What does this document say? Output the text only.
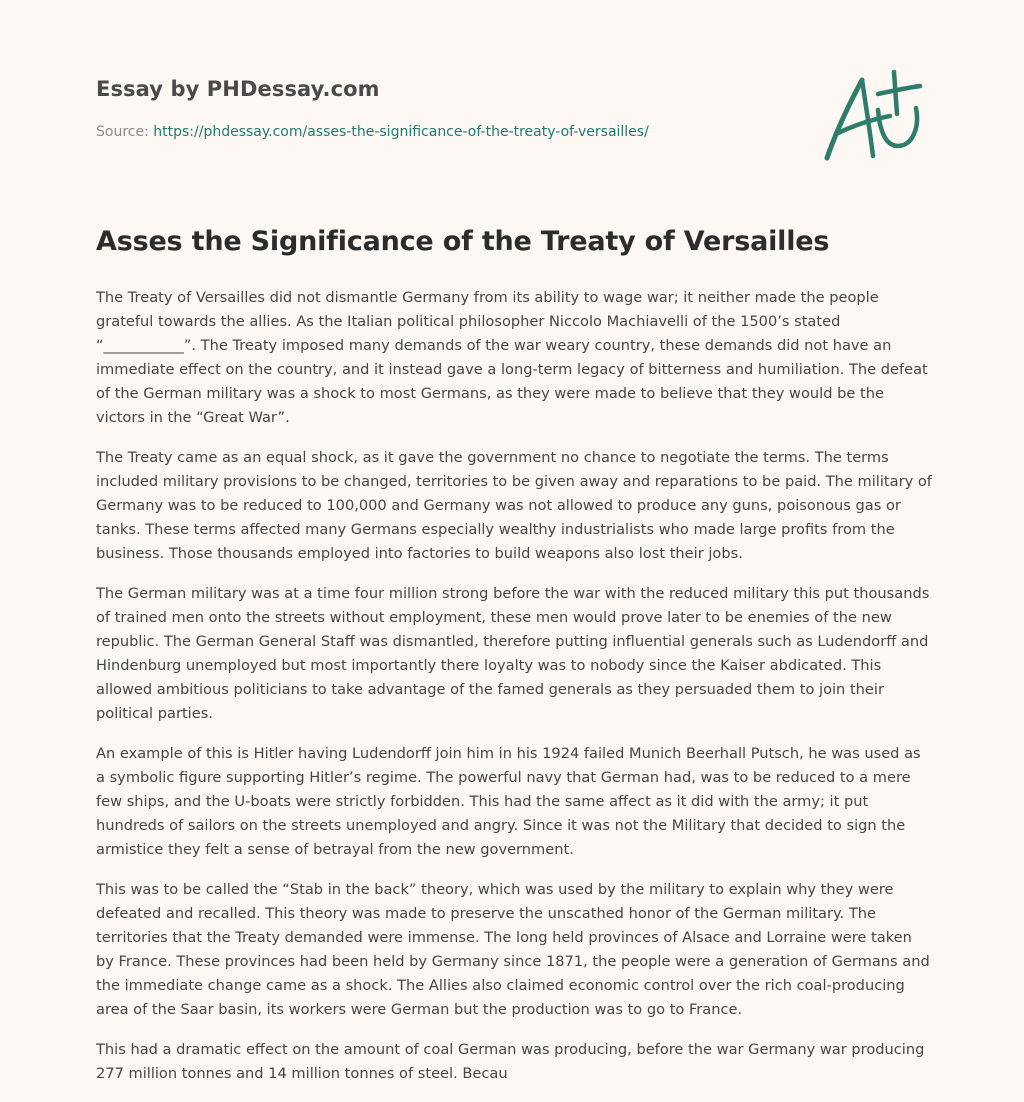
Essay by PHDessay.com
Source: https://phdessay.com/asses-the-significance-of-the-treaty-of-versailles/
Asses the Significance of the Treaty of Versailles

The Treaty of Versailles did not dismantle Germany from its ability to wage war; it neither made the people grateful towards the allies. As the Italian political philosopher Niccolo Machiavelli of the 1500’s stated “___________”. The Treaty imposed many demands of the war weary country, these demands did not have an immediate effect on the country, and it instead gave a long-term legacy of bitterness and humiliation. The defeat of the German military was a shock to most Germans, as they were made to believe that they would be the victors in the “Great War”.

The Treaty came as an equal shock, as it gave the government no chance to negotiate the terms. The terms included military provisions to be changed, territories to be given away and reparations to be paid. The military of Germany was to be reduced to 100,000 and Germany was not allowed to produce any guns, poisonous gas or tanks. These terms affected many Germans especially wealthy industrialists who made large profits from the business. Those thousands employed into factories to build weapons also lost their jobs.

The German military was at a time four million strong before the war with the reduced military this put thousands of trained men onto the streets without employment, these men would prove later to be enemies of the new republic. The German General Staff was dismantled, therefore putting influential generals such as Ludendorff and Hindenburg unemployed but most importantly there loyalty was to nobody since the Kaiser abdicated. This allowed ambitious politicians to take advantage of the famed generals as they persuaded them to join their political parties.

An example of this is Hitler having Ludendorff join him in his 1924 failed Munich Beerhall Putsch, he was used as a symbolic figure supporting Hitler’s regime. The powerful navy that German had, was to be reduced to a mere few ships, and the U-boats were strictly forbidden. This had the same affect as it did with the army; it put hundreds of sailors on the streets unemployed and angry. Since it was not the Military that decided to sign the armistice they felt a sense of betrayal from the new government.

This was to be called the “Stab in the back” theory, which was used by the military to explain why they were defeated and recalled. This theory was made to preserve the unscathed honor of the German military. The territories that the Treaty demanded were immense. The long held provinces of Alsace and Lorraine were taken by France. These provinces had been held by Germany since 1871, the people were a generation of Germans and the immediate change came as a shock. The Allies also claimed economic control over the rich coal-producing area of the Saar basin, its workers were German but the production was to go to France.

This had a dramatic effect on the amount of coal German was producing, before the war Germany war producing 277 million tonnes and 14 million tonnes of steel. Becau
